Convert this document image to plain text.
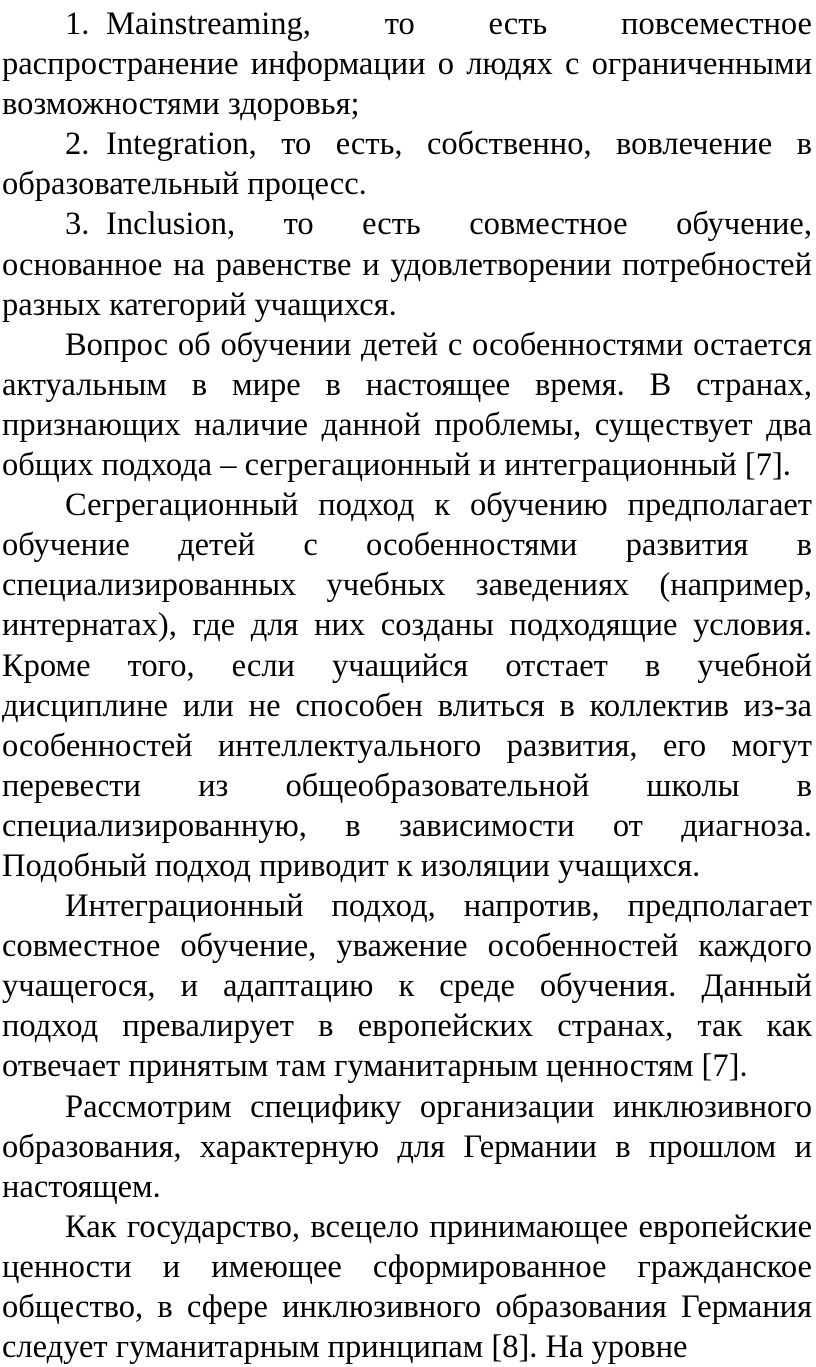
1. Mainstreaming, то есть повсеместное распространение информации о людях с ограниченными возможностями здоровья;

2. Integration, то есть, собственно, вовлечение в образовательный процесс.

3. Inclusion, то есть совместное обучение, основанное на равенстве и удовлетворении потребностей разных категорий учащихся.

Вопрос об обучении детей с особенностями остается актуальным в мире в настоящее время. В странах, признающих наличие данной проблемы, существует два общих подхода – сегрегационный и интеграционный [7].

Сегрегационный подход к обучению предполагает обучение детей с особенностями развития в специализированных учебных заведениях (например, интернатах), где для них созданы подходящие условия. Кроме того, если учащийся отстает в учебной дисциплине или не способен влиться в коллектив из-за особенностей интеллектуального развития, его могут перевести из общеобразовательной школы в специализированную, в зависимости от диагноза. Подобный подход приводит к изоляции учащихся.

Интеграционный подход, напротив, предполагает совместное обучение, уважение особенностей каждого учащегося, и адаптацию к среде обучения. Данный подход превалирует в европейских странах, так как отвечает принятым там гуманитарным ценностям [7].

Рассмотрим специфику организации инклюзивного образования, характерную для Германии в прошлом и настоящем.

Как государство, всецело принимающее европейские ценности и имеющее сформированное гражданское общество, в сфере инклюзивного образования Германия следует гуманитарным принципам [8]. На уровне
